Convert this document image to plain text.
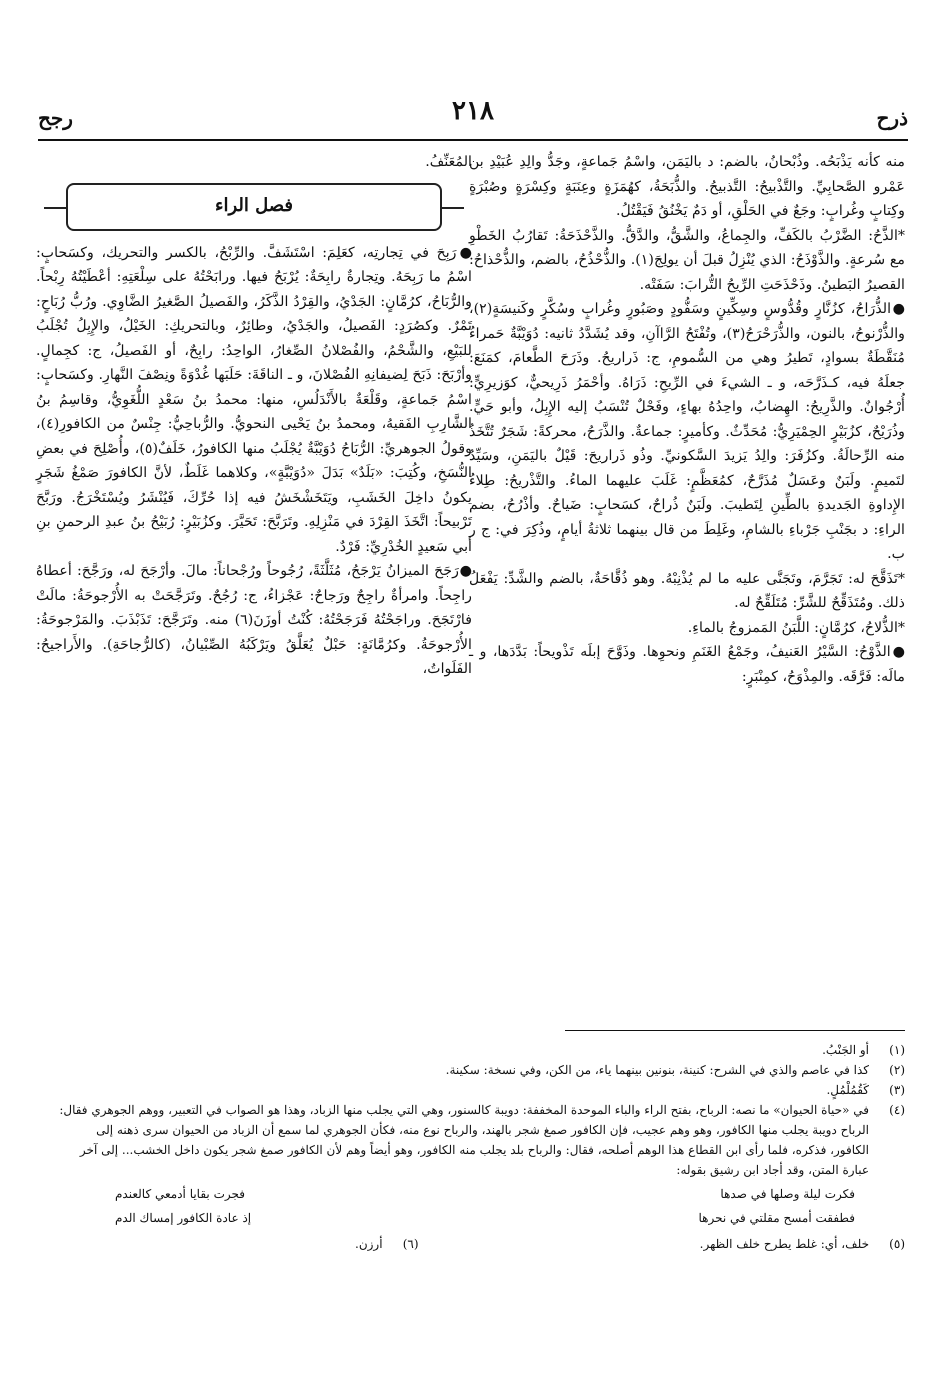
ذرح
٢١٨
رجح

منه كأنه يَذْبَحُه. وذُبْحانُ، بالضم: د باليَمَن، واسْمُ جَماعةٍ، وجَدُّ والِدِ عُبَيْدِ بن عَمْرو الصَّحابِيِّ. والتَّذْبيحُ: التَّذبيحُ. والذُّبَحَةُ، كهُمَزَةٍ وعِنَبَةٍ وكِسْرَةٍ وصُبْرَةٍ وكِتابٍ وغُرابٍ: وجَعٌ في الحَلْقِ، أو دَمٌ يَخْنُقُ فَيَقْتُلُ.

*الذَّحُ: الضَّرْبُ بالكَفِّ، والجِماعُ، والشَّقُّ، والدَّقُّ. والذَّحْذَحَةُ: تَقارُبُ الخَطْوِ مع سُرعةٍ. والذَّوْذَحُ: الذي يُنْزِلُ قبلَ أن يولِجَ(١). والذُّحْذُحُ، بالضم، والذُّحْذاحُ: القصيرُ البَطينُ. وذَحْذَحَتِ الرِّيحُ التُّرابَ: سَفَتْه.

●الذُّرَاحُ، كزُنَّارٍ وقُدُّوسٍ وسِكِّينٍ وسَفُّودٍ وصَبُورٍ وغُرابٍ وسُكَّرٍ وكَنيسَةٍ(٢)، والذُّرْنوحُ، بالنون، والذُّرَحْرَحُ(٣)، وتُفْتَحُ الرَّاآنِ، وقد يُشَدَّدُ ثانيه: دُوَيْبَّةٌ حَمراءُ مُنَقَّطَةٌ بسوادٍ، تَطيرُ وهي من السُّمومِ، ج: ذَراريحُ. وذَرَحَ الطَّعامَ، كمَنَعَ: جعلَهُ فيه، كـذَرَّحَه، و ـ الشيءَ في الرِّيحِ: ذَرَاهُ. وأحْمَرُ ذَرِيحيٌّ، كوَزيرِيٍّ: أُرْجُوانٌ. والذَّرِيحُ: الهِضابُ، واحِدُهُ بهاءٍ، وفَحْلٌ تُنْسَبُ إليه الإِبِلُ، وأبو حَيٍّ. وذُرَيْحٌ، كزُبَيْرٍ الحِمْيَرِيُّ: مُحَدِّثٌ. وكأميرٍ: جماعةٌ. والذَّرَحُ، محركةً: شَجَرٌ تُتَّخَذُ منه الرِّحالَةُ. وكزُفَرَ: والِدُ يَزيدَ السَّكونيِّ. وذُو ذَراريحَ: قَيْلٌ باليَمَنِ، وسَيِّدٌ لتَميمٍ. ولَبَنٌ وعَسَلٌ مُذَرَّحٌ، كمُعَظَّمٍ: غَلَبَ عليهما الماءُ. والتَّذْريحُ: طِلاءُ الإِداوةِ الجَديدةِ بالطِّينِ لِتَطيبَ. ولَبَنٌ ذُراحٌ، كسَحابٍ: ضَياحٌ. وأذْرُحُ، بضم الراءِ: د بجَنْبِ جَرْباءِ بالشامِ، وغَلِطَ من قال بينهما ثلاثةُ أيامٍ، وذُكِرَ في: ج ر ب.

*تَذَقَّحَ له: تَجَرَّمَ، وتَجَنَّى عليه ما لم يُذْنِبْهُ. وهو ذُقَّاحَةٌ، بالضم والشَّدِّ: يَفْعَلُ ذلك. ومُتَذَقِّحٌ للشَّرِّ: مُتَلَقِّحٌ له.

*الذُّلاحُ، كرُمَّانٍ: اللَّبَنُ المَمزوجُ بالماءِ.

●الذَّوْحُ: السَّيْرُ العَنيفُ، وجَمْعُ الغَنَمِ ونحوِها. وذَوَّحَ إبلَه تَذْويحاً: بَدَّدَها، و ـ مالَه: فَرَّقَه. والمِذْوَحُ، كمِنْبَرٍ:

المُعَنِّفُ.

فصل الراء

●رَبِحَ في تِجارتِه، كعَلِمَ: اسْتَشَفَّ. والرِّبْحُ، بالكسر والتحريك، وكسَحابٍ: اسْمُ ما رَبِحَهُ. وتِجارةٌ رابِحَةٌ: يُرْبَحُ فيها. ورابَحْتُهُ على سِلْعَتِهِ: أعْطَيْتُهُ رِبْحاً. والرُّبَاحُ، كرُمَّانٍ: الجَدْيُ، والقِرْدُ الذَّكَرُ، والفَصيلُ الصَّغيرُ الضَّاوِي. ورُبُّ رُبَاحٍ: تَمْرٌ. وكصُرَدٍ: الفَصيلُ، والجَدْيُ، وطائِرٌ، وبالتحريكِ: الخَيْلُ، والإِبِلُ تُجْلَبُ للبَيْعِ، والشَّحْمُ، والفُصْلانُ الصِّغارُ، الواحِدُ: رابِحٌ، أو الفَصيلُ، ج: كجِمالٍ. وأرْبَحَ: ذَبَحَ لِضيفانِهِ الفُصْلانَ، و ـ الناقَةَ: حَلَبَها غُدْوَةً ونِصْفَ النَّهارِ. وكسَحابٍ: اسْمُ جَماعةٍ، وقَلْعَةٌ بالأَنْدَلُسِ، منها: محمدُ بنُ سَعْدٍ اللُّغَوِيُّ، وقاسِمُ بنُ الشَّارِبِ الفَقيهُ، ومحمدُ بنُ يَحْيى النحويُّ. والرُّباحِيُّ: جِنْسٌ من الكافورِ(٤)، وقولُ الجوهريِّ: الرُّبَاحُ دُوَيْبَّةٌ يُجْلَبُ منها الكافورُ، خَلَفٌ(٥)، وأُصْلِحَ في بعضِ النُّسَخِ، وكُتِبَ: «بَلَدٌ» بَدَلَ «دُوَيْبَّةٍ»، وكلاهما غَلَطٌ، لأنَّ الكافورَ صَمْغُ شَجَرٍ يكونُ داخِلَ الخَشَبِ، ويَتَخَشْخَشُ فيه إذا حُرِّكَ، فَيُنْشَرُ ويُسْتَخْرَجُ. ورَبَّحَ تَرْبيحاً: اتَّخَذَ القِرْدَ في مَنْزِلِهِ. وتَرَبَّحَ: تَحَيَّرَ. وكزُبَيْرٍ: رُبَيْحُ بنُ عبدِ الرحمنِ بنِ أبي سَعيدٍ الخُدْرِيِّ: فَرْدٌ.

●رَجَحَ الميزانُ يَرْجَحُ، مُثَلَّثَةً، رُجُوحاً ورُجْحاناً: مالَ. وأرْجَحَ له، ورَجَّحَ: أعطاهُ راجِحاً. وامرأةٌ راجِحٌ ورَجاحٌ: عَجْزاءُ، ج: رُجُحٌ. وتَرَجَّحَتْ به الأُرْجوحَةُ: مالَتْ فارْتَجَحَ. وراجَحْتُهُ فَرَجَحْتُهُ: كُنْتُ أوزَنَ(٦) منه. وتَرَجَّحَ: تَذَبْذَبَ. والمَرْجوحَةُ: الأُرْجوحَةُ. وكرُمَّانَةٍ: حَبْلٌ يُعَلَّقُ ويَرْكَبُهُ الصِّبْيانُ، (كالرُّجاحَةِ). والأَراجيحُ: الفَلَواتُ،

(١)
أو الجَنْبُ.
(٢)
كذا في عاصم والذي في الشرح: كنينة، بنونين بينهما ياء، من الكن، وفي نسخة: سكينة.
(٣)
كَقُمُلْمُلٍ.
(٤)
في «حياة الحيوان» ما نصه: الرباح، بفتح الراء والباء الموحدة المخففة: دويبة كالسنور، وهي التي يجلب منها الزباد، وهذا هو الصواب في التعبير، ووهم الجوهري فقال: الرباح دويبة يجلب منها الكافور، وهو وهم عجيب، فإن الكافور صمغ شجر بالهند، والرباح نوع منه، فكأن الجوهري لما سمع أن الزباد من الحيوان سرى ذهنه إلى الكافور، فذكره، فلما رأى ابن القطاع هذا الوهم أصلحه، فقال: والرباح بلد يجلب منه الكافور، وهو أيضاً وهم لأن الكافور صمغ شجر يكون داخل الخشب... إلى آخر عبارة المتن، وقد أجاد ابن رشيق بقوله:
فكرت ليلة وصلها في صدها
فجرت بقايا أدمعي كالعندم
فطفقت أمسح مقلتي في نحرها
إذ عادة الكافور إمساك الدم
(٥)
خلف، أي: غلط يطرح خلف الظهر.
(٦)
أرزن.
